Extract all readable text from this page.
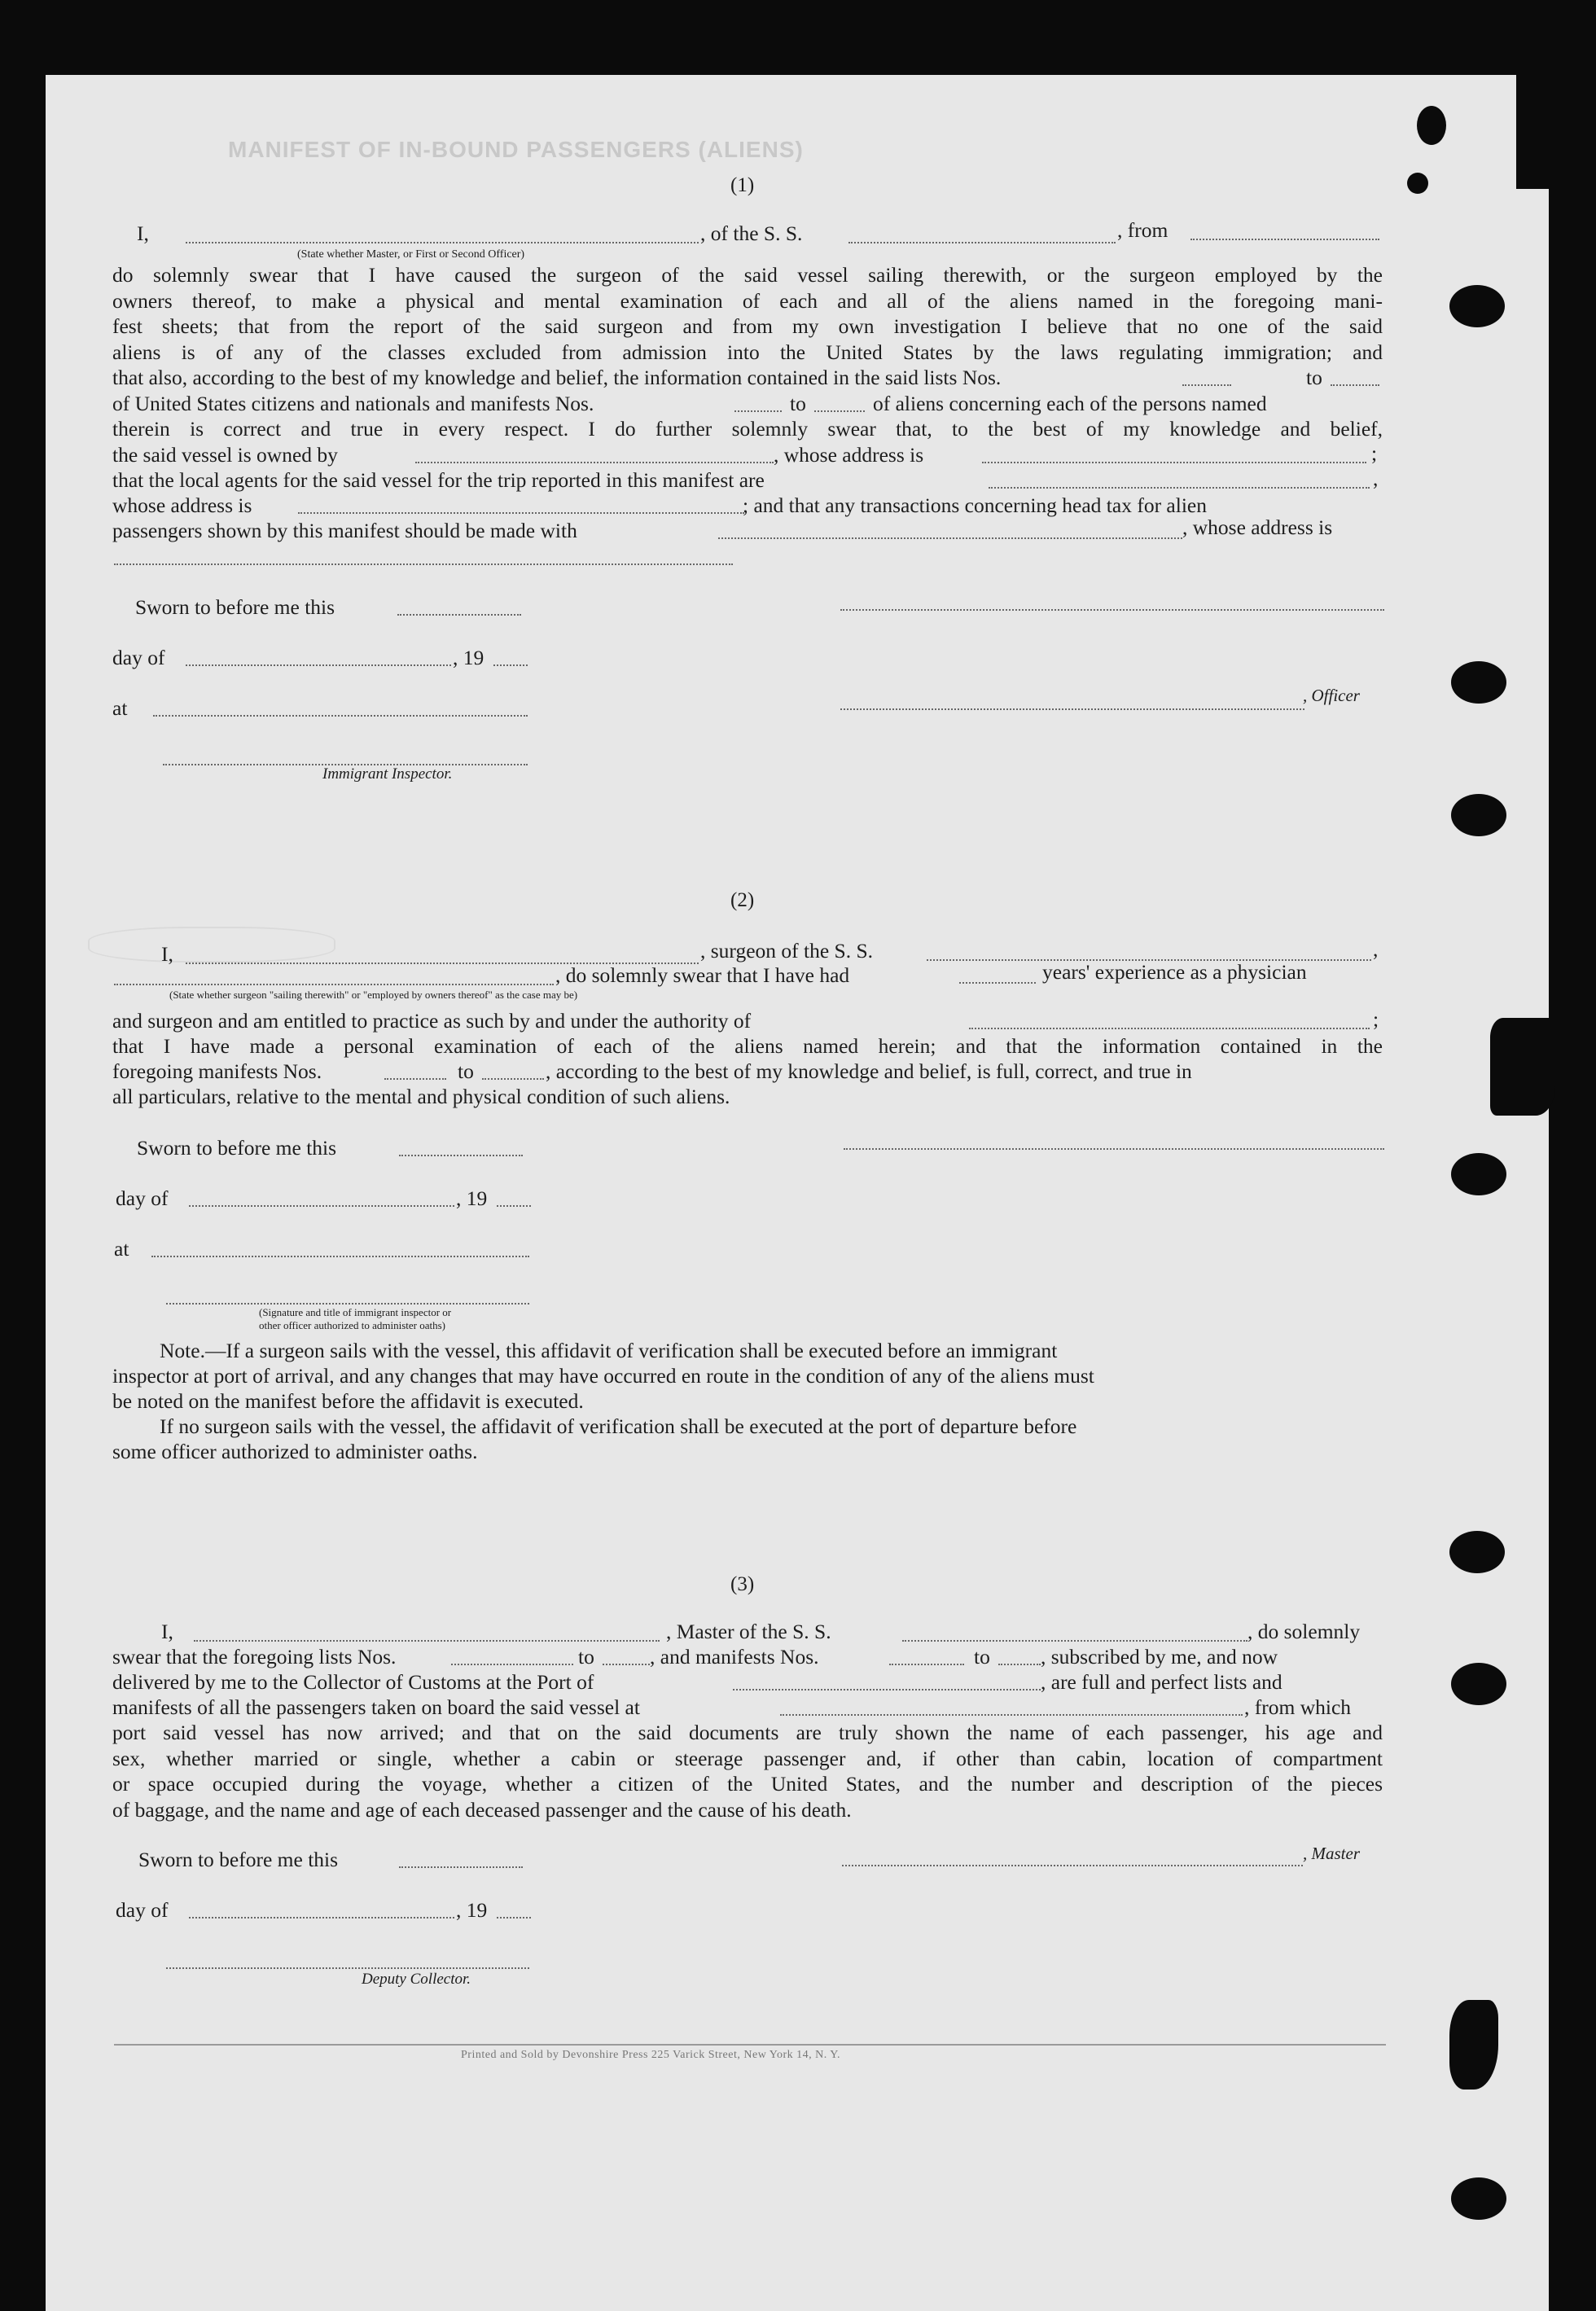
MANIFEST OF IN-BOUND PASSENGERS (ALIENS)
(1)
I,	, of the S. S.	, from
(State whether Master, or First or Second Officer)
do solemnly swear that I have caused the surgeon of the said vessel sailing therewith, or the surgeon employed by the
owners thereof, to make a physical and mental examination of each and all of the aliens named in the foregoing mani-
fest sheets; that from the report of the said surgeon and from my own investigation I believe that no one of the said
aliens is of any of the classes excluded from admission into the United States by the laws regulating immigration; and
that also, according to the best of my knowledge and belief, the information contained in the said lists Nos.	to
of United States citizens and nationals and manifests Nos.	to	of aliens concerning each of the persons named
therein is correct and true in every respect. I do further solemnly swear that, to the best of my knowledge and belief,
the said vessel is owned by	, whose address is	;
that the local agents for the said vessel for the trip reported in this manifest are	,
whose address is	; and that any transactions concerning head tax for alien
passengers shown by this manifest should be made with	, whose address is
Sworn to before me this
day of	, 19
at
, Officer
Immigrant Inspector.
(2)
I,	, surgeon of the S. S.	,
, do solemnly swear that I have had	years' experience as a physician
(State whether surgeon "sailing therewith" or "employed by owners thereof" as the case may be)
and surgeon and am entitled to practice as such by and under the authority of	;
that I have made a personal examination of each of the aliens named herein; and that the information contained in the
foregoing manifests Nos.	to	, according to the best of my knowledge and belief, is full, correct, and true in
all particulars, relative to the mental and physical condition of such aliens.
Sworn to before me this
day of	, 19
at
(Signature and title of immigrant inspector or
other officer authorized to administer oaths)
Note.—If a surgeon sails with the vessel, this affidavit of verification shall be executed before an immigrant
inspector at port of arrival, and any changes that may have occurred en route in the condition of any of the aliens must
be noted on the manifest before the affidavit is executed.
If no surgeon sails with the vessel, the affidavit of verification shall be executed at the port of departure before
some officer authorized to administer oaths.
(3)
I,	, Master of the S. S.	, do solemnly
swear that the foregoing lists Nos.	to	, and manifests Nos.	to , subscribed by me, and now
delivered by me to the Collector of Customs at the Port of	, are full and perfect lists and
manifests of all the passengers taken on board the said vessel at	, from which
port said vessel has now arrived; and that on the said documents are truly shown the name of each passenger, his age and
sex, whether married or single, whether a cabin or steerage passenger and, if other than cabin, location of compartment
or space occupied during the voyage, whether a citizen of the United States, and the number and description of the pieces
of baggage, and the name and age of each deceased passenger and the cause of his death.
Sworn to before me this	, Master
day of	, 19
Deputy Collector.
Printed and Sold by Devonshire Press 225 Varick Street, New York 14, N. Y.
